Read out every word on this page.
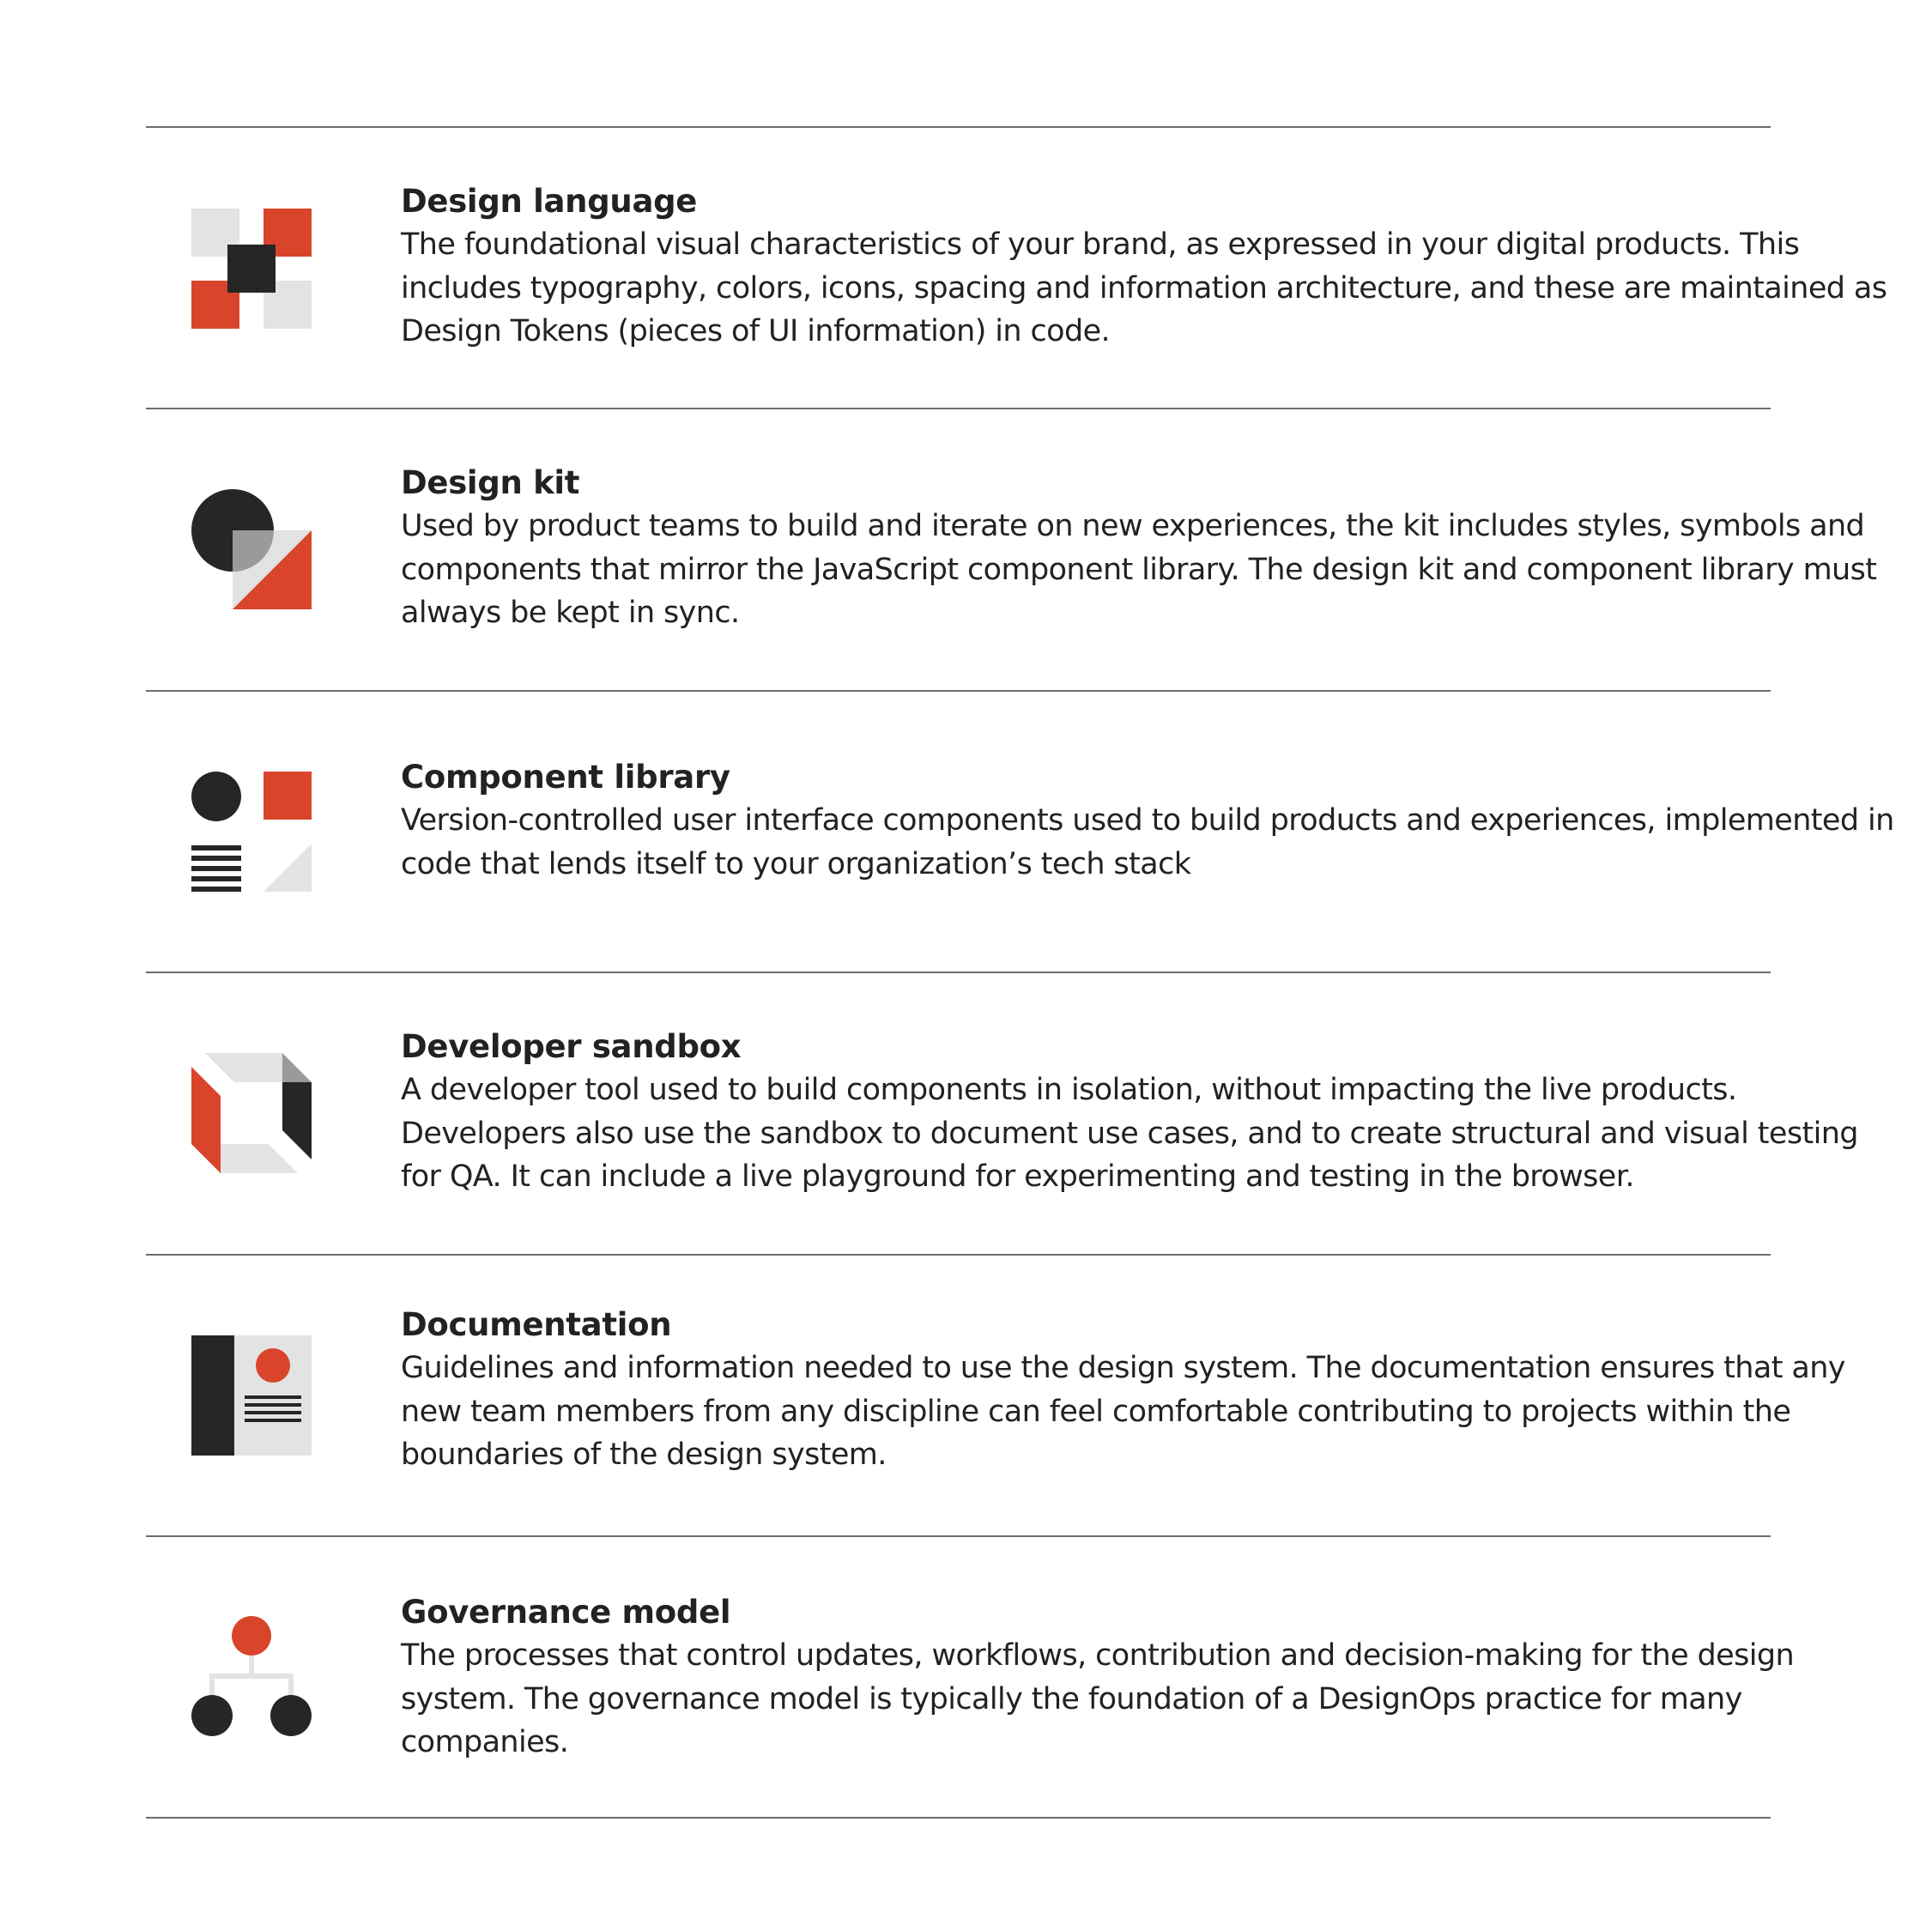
Design language

The foundational visual characteristics of your brand, as expressed in your digital products. This includes typography, colors, icons, spacing and information architecture, and these are maintained as Design Tokens (pieces of UI information) in code.

Design kit

Used by product teams to build and iterate on new experiences, the kit includes styles, symbols and components that mirror the JavaScript component library. The design kit and component library must always be kept in sync.

Component library

Version-controlled user interface components used to build products and experiences, implemented in code that lends itself to your organization’s tech stack

Developer sandbox

A developer tool used to build components in isolation, without impacting the live products. Developers also use the sandbox to document use cases, and to create structural and visual testing for QA. It can include a live playground for experimenting and testing in the browser.

Documentation

Guidelines and information needed to use the design system. The documentation ensures that any new team members from any discipline can feel comfortable contributing to projects within the boundaries of the design system.

Governance model

The processes that control updates, workflows, contribution and decision-making for the design system. The governance model is typically the foundation of a DesignOps practice for many companies.
